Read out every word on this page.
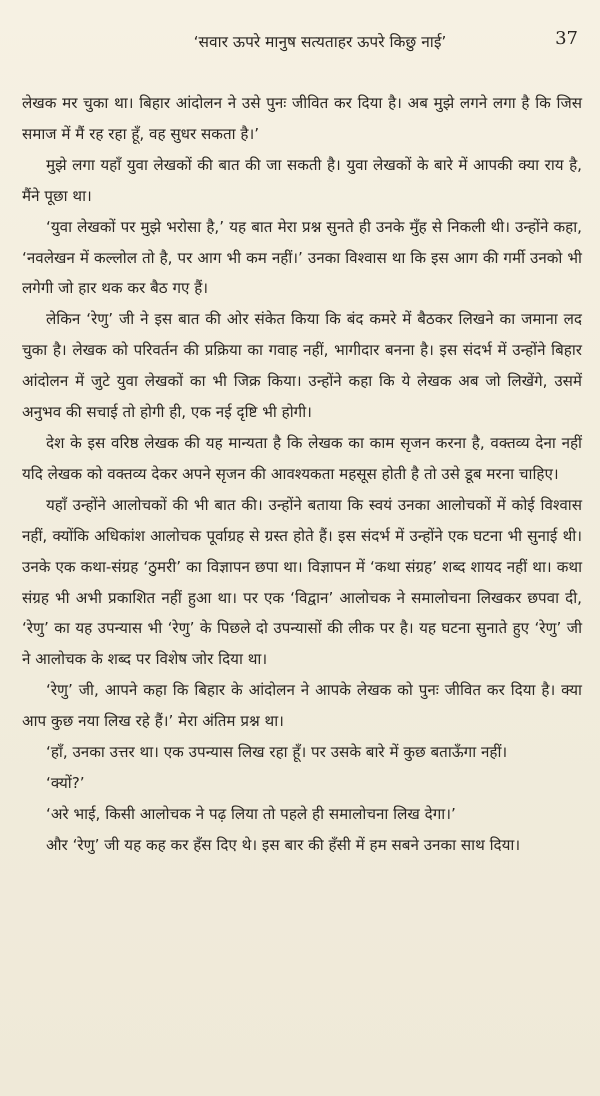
‘सवार ऊपरे मानुष सत्यताहर ऊपरे किछु नाई’	37

लेखक मर चुका था। बिहार आंदोलन ने उसे पुनः जीवित कर दिया है। अब मुझे लगने लगा है कि जिस समाज में मैं रह रहा हूँ, वह सुधर सकता है।’

मुझे लगा यहाँ युवा लेखकों की बात की जा सकती है। युवा लेखकों के बारे में आपकी क्या राय है, मैंने पूछा था।

‘युवा लेखकों पर मुझे भरोसा है,’ यह बात मेरा प्रश्न सुनते ही उनके मुँह से निकली थी। उन्होंने कहा, ‘नवलेखन में कल्लोल तो है, पर आग भी कम नहीं।’ उनका विश्वास था कि इस आग की गर्मी उनको भी लगेगी जो हार थक कर बैठ गए हैं।

लेकिन ‘रेणु’ जी ने इस बात की ओर संकेत किया कि बंद कमरे में बैठकर लिखने का जमाना लद चुका है। लेखक को परिवर्तन की प्रक्रिया का गवाह नहीं, भागीदार बनना है। इस संदर्भ में उन्होंने बिहार आंदोलन में जुटे युवा लेखकों का भी जिक्र किया। उन्होंने कहा कि ये लेखक अब जो लिखेंगे, उसमें अनुभव की सचाई तो होगी ही, एक नई दृष्टि भी होगी।

देश के इस वरिष्ठ लेखक की यह मान्यता है कि लेखक का काम सृजन करना है, वक्तव्य देना नहीं यदि लेखक को वक्तव्य देकर अपने सृजन की आवश्यकता महसूस होती है तो उसे डूब मरना चाहिए।

यहाँ उन्होंने आलोचकों की भी बात की। उन्होंने बताया कि स्वयं उनका आलोचकों में कोई विश्वास नहीं, क्योंकि अधिकांश आलोचक पूर्वाग्रह से ग्रस्त होते हैं। इस संदर्भ में उन्होंने एक घटना भी सुनाई थी। उनके एक कथा-संग्रह ‘ठुमरी’ का विज्ञापन छपा था। विज्ञापन में ‘कथा संग्रह’ शब्द शायद नहीं था। कथा संग्रह भी अभी प्रकाशित नहीं हुआ था। पर एक ‘विद्वान’ आलोचक ने समालोचना लिखकर छपवा दी, ‘रेणु’ का यह उपन्यास भी ‘रेणु’ के पिछले दो उपन्यासों की लीक पर है। यह घटना सुनाते हुए ‘रेणु’ जी ने आलोचक के शब्द पर विशेष जोर दिया था।

‘रेणु’ जी, आपने कहा कि बिहार के आंदोलन ने आपके लेखक को पुनः जीवित कर दिया है। क्या आप कुछ नया लिख रहे हैं।’ मेरा अंतिम प्रश्न था।

‘हाँ, उनका उत्तर था। एक उपन्यास लिख रहा हूँ। पर उसके बारे में कुछ बताऊँगा नहीं।

‘क्यों?’

‘अरे भाई, किसी आलोचक ने पढ़ लिया तो पहले ही समालोचना लिख देगा।’

और ‘रेणु’ जी यह कह कर हँस दिए थे। इस बार की हँसी में हम सबने उनका साथ दिया।
